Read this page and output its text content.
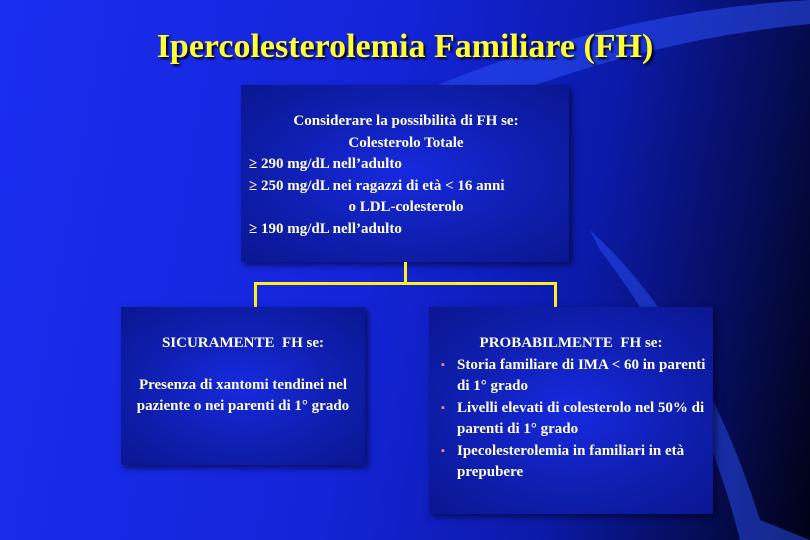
Ipercolesterolemia Familiare (FH)
Considerare la possibilità di FH se:
Colesterolo Totale
≥ 290 mg/dL nell’adulto
≥ 250 mg/dL nei ragazzi di età < 16 anni
o LDL-colesterolo
≥ 190 mg/dL nell’adulto
SICURAMENTE  FH se:
Presenza di xantomi tendinei nel paziente o nei parenti di 1° grado
PROBABILMENTE  FH se:
▪ Storia familiare di IMA < 60 in parenti di 1° grado
▪ Livelli elevati di colesterolo nel 50% di parenti di 1° grado
▪ Ipecolesterolemia in familiari in età prepubere
